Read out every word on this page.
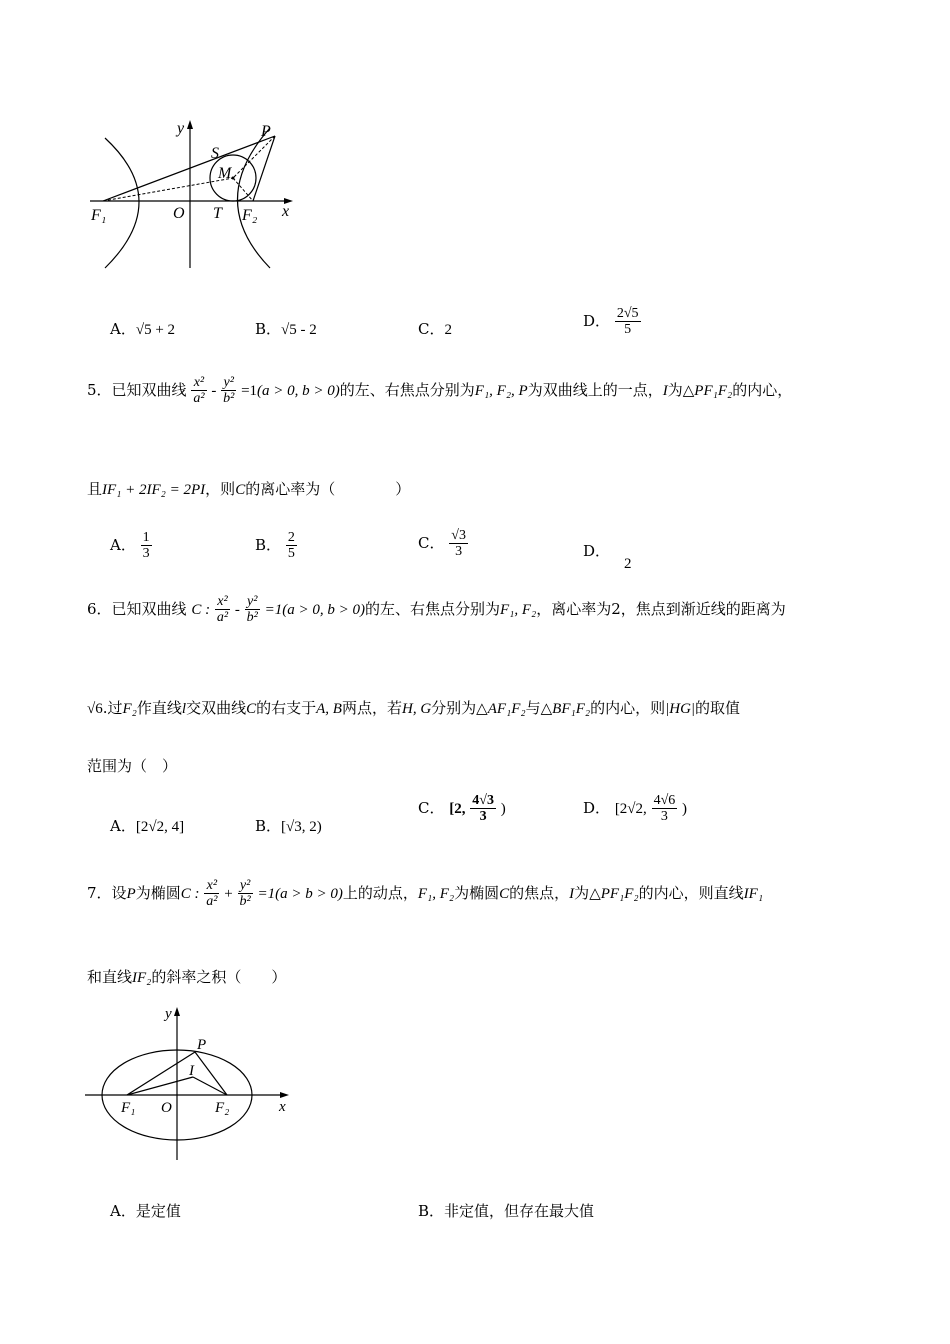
y	P
S
M
F₁	O T F₂ x
A．√5 + 2	B．√5 - 2	C．2
D． $\frac{2√5}{5}$
5．已知双曲线 $\frac{\text{x²}}{\text{a²}} - \frac{\text{y²}}{\text{b²}} =1(a > 0$, b > 0)的左、右焦点分别为F₁, F₂, P为双曲线上的一点，I为△PF₁F₂的内心，
且IF₁ + 2IF₂ = 2PI，则C的离心率为（　　　　）
A． $\frac{1}{3}$	B． $\frac{2}{5}$	C． $\frac{√3}{3}$	D．2
6．已知双曲线 C : $\frac{\text{x²}}{\text{a²}} - \frac{\text{y²}}{\text{b²}} =1(a > 0$, b > 0)的左、右焦点分别为F₁, F₂，离心率为2，焦点到渐近线的距离为
√6.过F₂作直线l交双曲线C的右支于A, B两点，若H, G分别为△AF₁F₂与△BF₁F₂的内心，则|HG|的取值
范围为（　）
A．[2√2, 4]	B．[√3, 2)
C． [2, $\frac{4√3}{3}$ )	D． [2√2, $\frac{4√6}{3}$ )
7．设P为椭圆C : $\frac{\text{x²}}{\text{a²}} + \frac{\text{y²}}{\text{b²}} =1(a > b > 0)$上的动点，F₁, F₂为椭圆C的焦点，I为△PF₁F₂的内心，则直线IF₁
和直线IF₂的斜率之积（　　）
y
P
I
F₁ O	F₂	x
A．是定值	B．非定值，但存在最大值
